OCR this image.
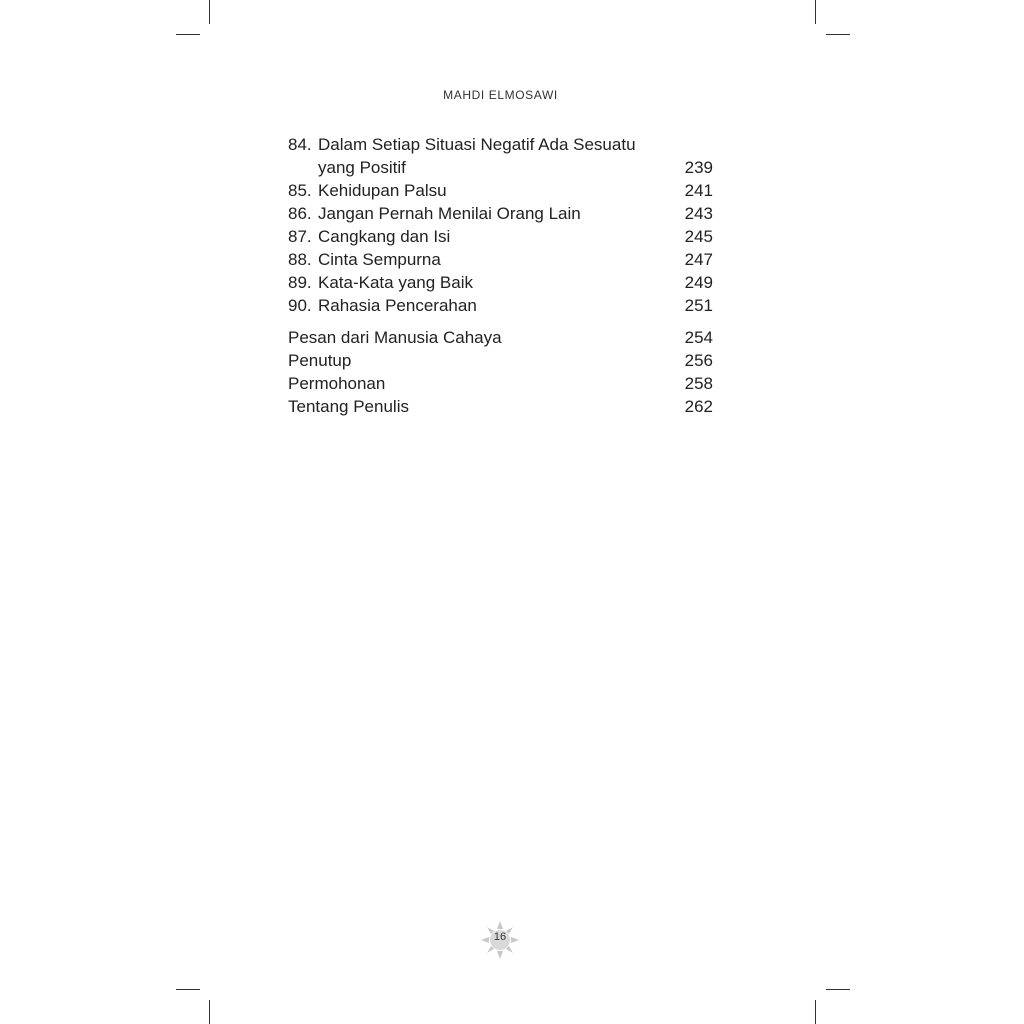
MAHDI ELMOSAWI
84. Dalam Setiap Situasi Negatif Ada Sesuatu
yang Positif	239
85. Kehidupan Palsu	241
86. Jangan Pernah Menilai Orang Lain	243
87. Cangkang dan Isi	245
88. Cinta Sempurna	247
89. Kata-Kata yang Baik	249
90. Rahasia Pencerahan	251
Pesan dari Manusia Cahaya	254
Penutup	256
Permohonan	258
Tentang Penulis	262
16
